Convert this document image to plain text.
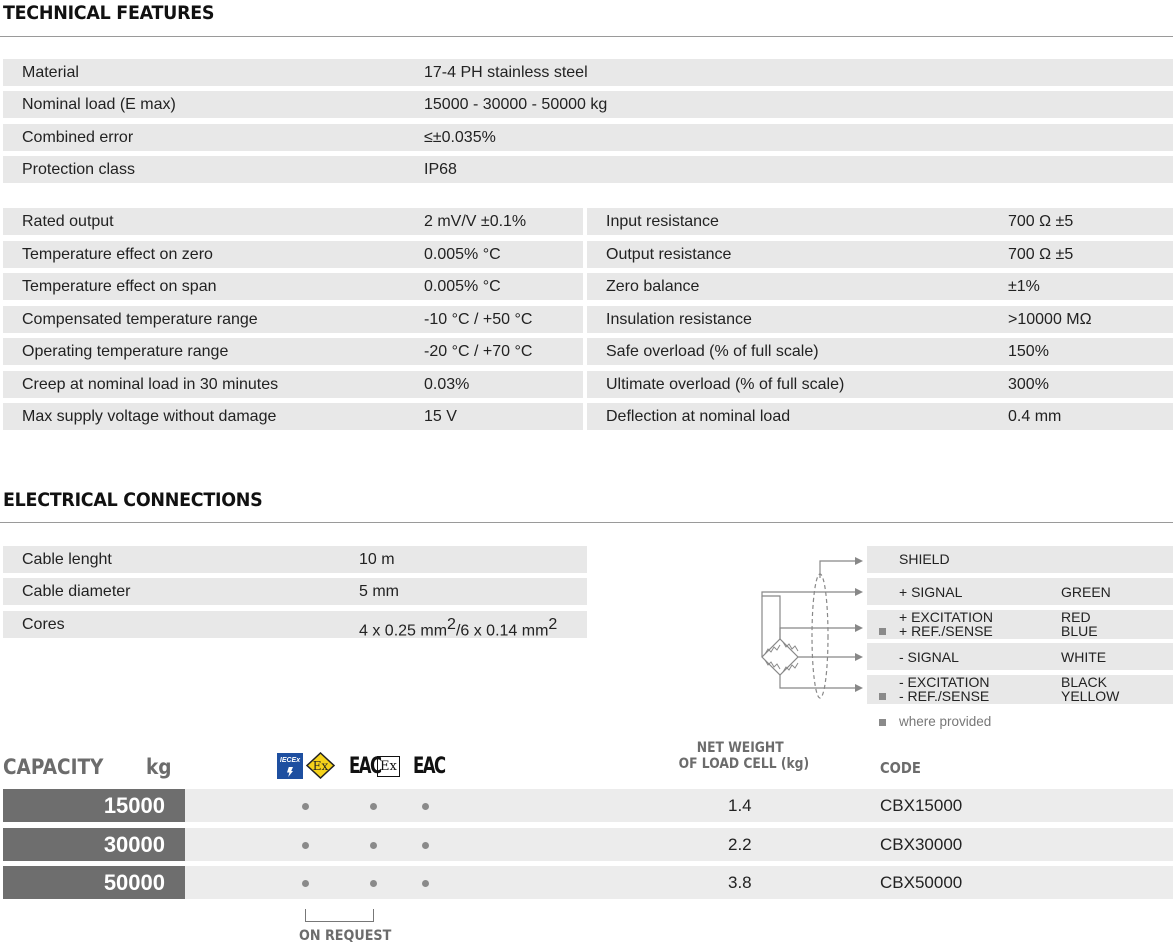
TECHNICAL FEATURES
Material	17-4 PH stainless steel
Nominal load (E max)	15000 - 30000 - 50000 kg
Combined error	≤±0.035%
Protection class	IP68
Rated output	2 mV/V ±0.1%
Temperature effect on zero	0.005% °C
Temperature effect on span	0.005% °C
Compensated temperature range	-10 °C / +50 °C
Operating temperature range	-20 °C / +70 °C
Creep at nominal load in 30 minutes	0.03%
Max supply voltage without damage	15 V
Input resistance	700 Ω ±5
Output resistance	700 Ω ±5
Zero balance	±1%
Insulation resistance	>10000 MΩ
Safe overload (% of full scale)	150%
Ultimate overload (% of full scale)	300%
Deflection at nominal load	0.4 mm
ELECTRICAL CONNECTIONS
Cable lenght	10 m
Cable diameter	5 mm
Cores	4 x 0.25 mm2/6 x 0.14 mm2
SHIELD
+ SIGNAL	GREEN
+ EXCITATION	RED
+ REF./SENSE	BLUE
- SIGNAL	WHITE
- EXCITATION	BLACK
- REF./SENSE	YELLOW
where provided
CAPACITY kg	IECEx Ex EAC Ex EAC
NET WEIGHT
OF LOAD CELL (kg)	CODE
15000	1.4	CBX15000
30000	2.2	CBX30000
50000	3.8	CBX50000
ON REQUEST
